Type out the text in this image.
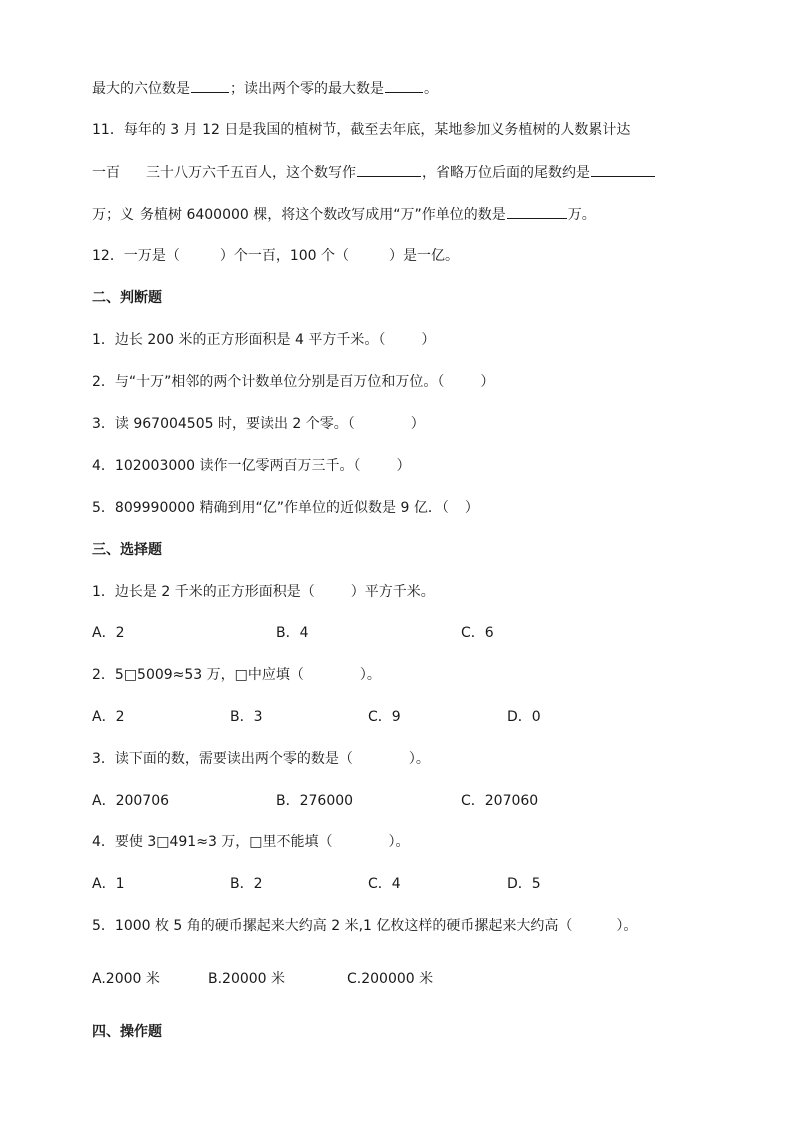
最大的六位数是	；读出两个零的最大数是	。
11．每年的 3 月 12 日是我国的植树节，截至去年底，某地参加义务植树的人数累计达
一百 三十八万六千五百人，这个数写作	，省略万位后面的尾数约是
万；义 务植树 6400000 棵，将这个数改写成用“万”作单位的数是	万。
12．一万是（	）个一百，100 个（	）是一亿。
二、判断题
1．边长 200 米的正方形面积是 4 平方千米。（	）
2．与“十万”相邻的两个计数单位分别是百万位和万位。（	）
3．读 967004505 时，要读出 2 个零。（	）
4．102003000 读作一亿零两百万三千。（	）
5．809990000 精确到用“亿”作单位的近似数是 9 亿．（ ）
三、选择题
1．边长是 2 千米的正方形面积是（	）平方千米。
A．2	B．4	C．6
2．5□5009≈53 万，□中应填（	）。
A．2	B．3	C．9	D．0
3．读下面的数，需要读出两个零的数是（	）。
A．200706	B．276000	C．207060
4．要使 3□491≈3 万，□里不能填（	）。
A．1	B．2	C．4	D．5
5．1000 枚 5 角的硬币摞起来大约高 2 米,1 亿枚这样的硬币摞起来大约高（	）。
A.2000 米	B.20000 米	C.200000 米
四、操作题
